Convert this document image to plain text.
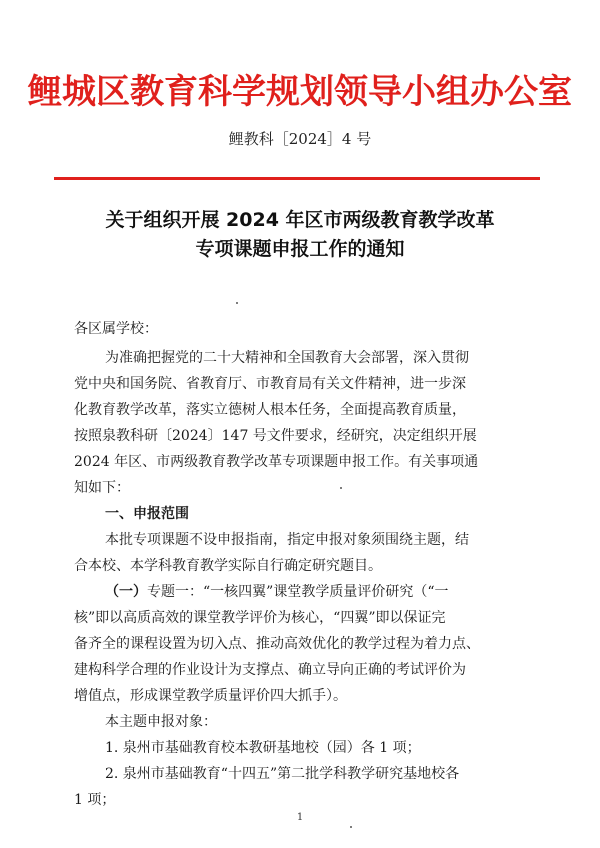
鲤城区教育科学规划领导小组办公室
鲤教科［2024］4 号
关于组织开展 2024 年区市两级教育教学改革
专项课题申报工作的通知
各区属学校：
为准确把握党的二十大精神和全国教育大会部署，深入贯彻
党中央和国务院、省教育厅、市教育局有关文件精神，进一步深
化教育教学改革，落实立德树人根本任务，全面提高教育质量，
按照泉教科研〔2024〕147 号文件要求，经研究，决定组织开展
2024 年区、市两级教育教学改革专项课题申报工作。有关事项通
知如下：
一、申报范围
本批专项课题不设申报指南，指定申报对象须围绕主题，结
合本校、本学科教育教学实际自行确定研究题目。
（一）专题一：“一核四翼”课堂教学质量评价研究（“一
核”即以高质高效的课堂教学评价为核心，“四翼”即以保证完
备齐全的课程设置为切入点、推动高效优化的教学过程为着力点、
建构科学合理的作业设计为支撑点、确立导向正确的考试评价为
增值点，形成课堂教学质量评价四大抓手）。
本主题申报对象：
1. 泉州市基础教育校本教研基地校（园）各 1 项；
2. 泉州市基础教育“十四五”第二批学科教学研究基地校各
1 项；
1
